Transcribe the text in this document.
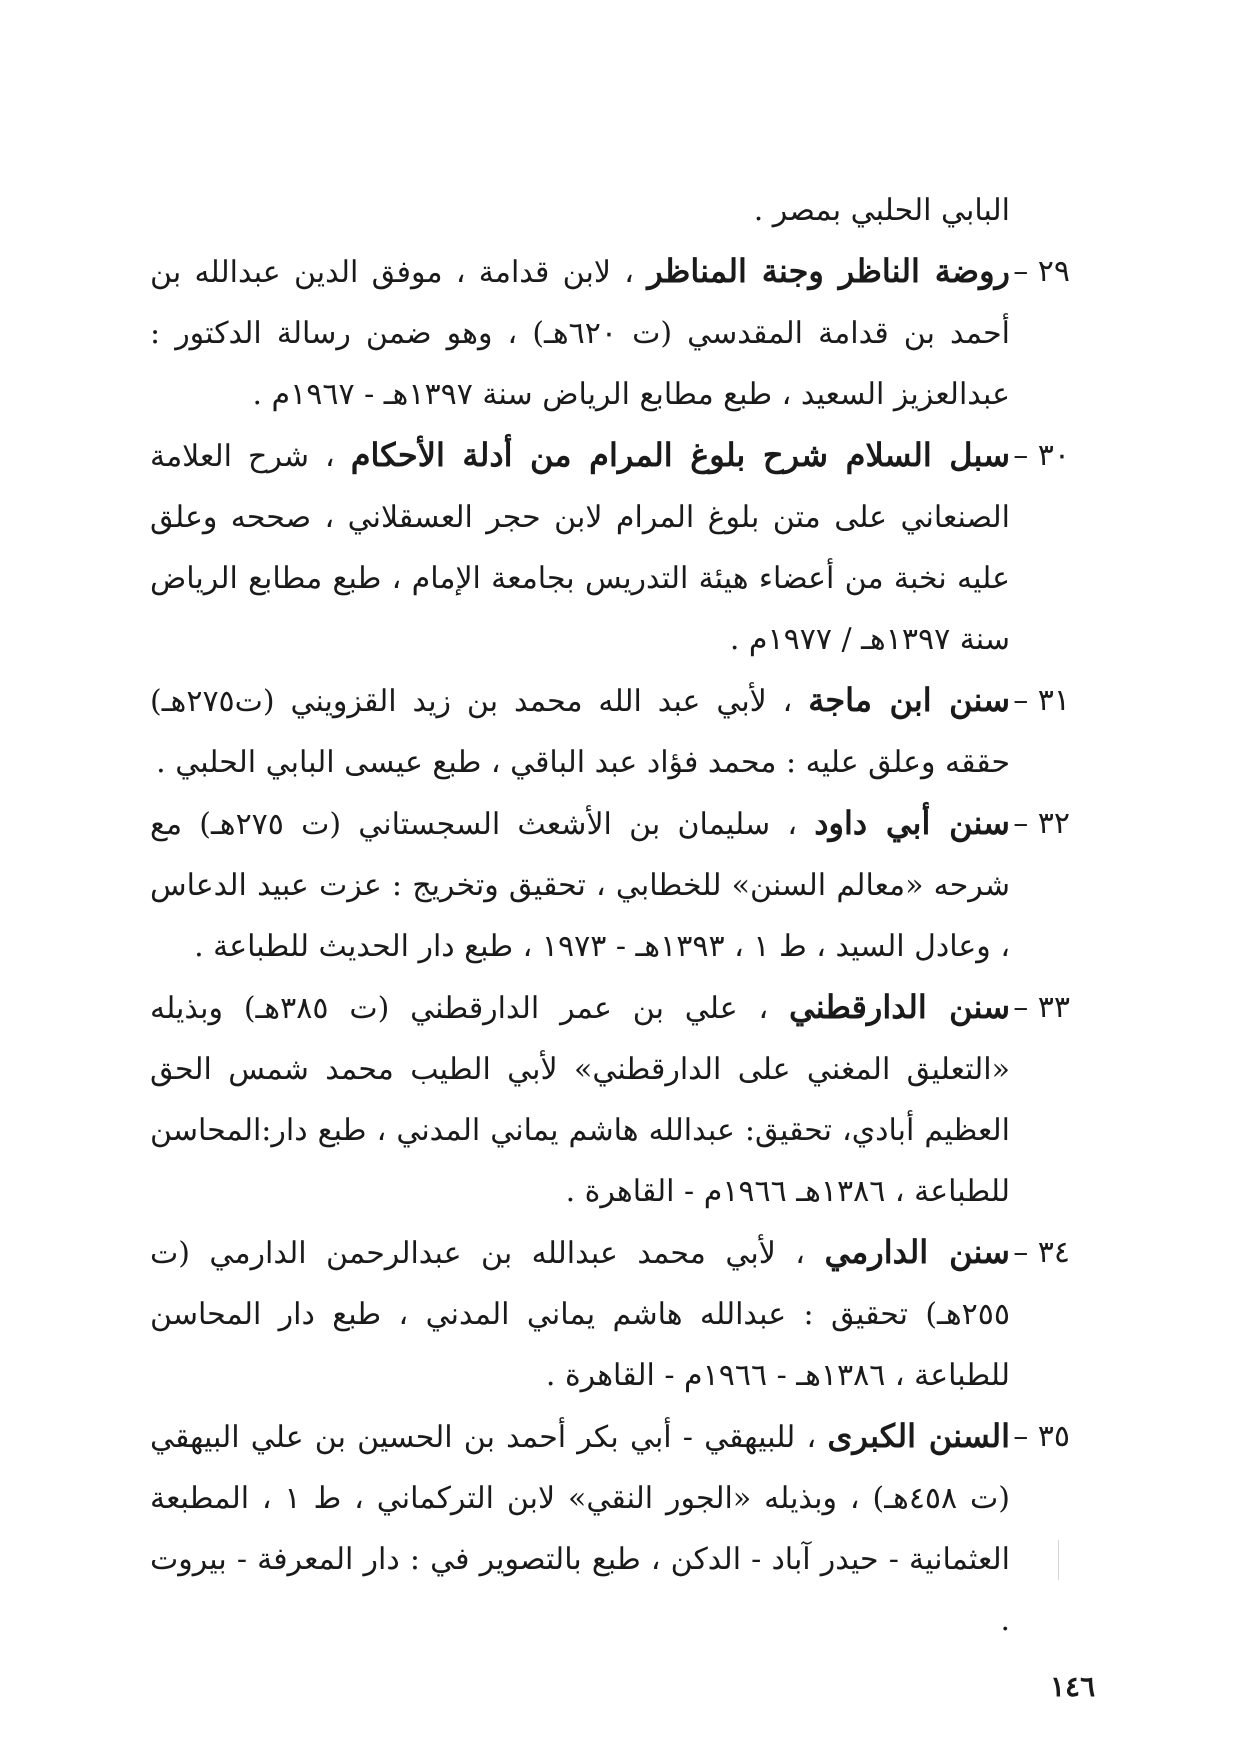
البابي الحلبي بمصر .

٢٩ –
روضة الناظر وجنة المناظر ، لابن قدامة ، موفق الدين عبدالله بن أحمد بن قدامة المقدسي (ت ٦٢٠هـ) ، وهو ضمن رسالة الدكتور : عبدالعزيز السعيد ، طبع مطابع الرياض سنة ١٣٩٧هـ - ١٩٦٧م .

٣٠ –
سبل السلام شرح بلوغ المرام من أدلة الأحكام ، شرح العلامة الصنعاني على متن بلوغ المرام لابن حجر العسقلاني ، صححه وعلق عليه نخبة من أعضاء هيئة التدريس بجامعة الإمام ، طبع مطابع الرياض سنة ١٣٩٧هـ / ١٩٧٧م .

٣١ –
سنن ابن ماجة ، لأبي عبد الله محمد بن زيد القزويني (ت٢٧٥هـ) حققه وعلق عليه : محمد فؤاد عبد الباقي ، طبع عيسى البابي الحلبي .

٣٢ –
سنن أبي داود ، سليمان بن الأشعث السجستاني (ت ٢٧٥هـ) مع شرحه «معالم السنن» للخطابي ، تحقيق وتخريج : عزت عبيد الدعاس ، وعادل السيد ، ط ١ ، ١٣٩٣هـ - ١٩٧٣ ، طبع دار الحديث للطباعة .

٣٣ –
سنن الدارقطني ، علي بن عمر الدارقطني (ت ٣٨٥هـ) وبذيله «التعليق المغني على الدارقطني» لأبي الطيب محمد شمس الحق العظيم أبادي، تحقيق: عبدالله هاشم يماني المدني ، طبع دار:المحاسن للطباعة ، ١٣٨٦هـ ١٩٦٦م - القاهرة .

٣٤ –
سنن الدارمي ، لأبي محمد عبدالله بن عبدالرحمن الدارمي (ت ٢٥٥هـ) تحقيق : عبدالله هاشم يماني المدني ، طبع دار المحاسن للطباعة ، ١٣٨٦هـ - ١٩٦٦م - القاهرة .

٣٥ –
السنن الكبرى ، للبيهقي - أبي بكر أحمد بن الحسين بن علي البيهقي (ت ٤٥٨هـ) ، وبذيله «الجور النقي» لابن التركماني ، ط ١ ، المطبعة العثمانية - حيدر آباد - الدكن ، طبع بالتصوير في : دار المعرفة - بيروت .

١٤٦
